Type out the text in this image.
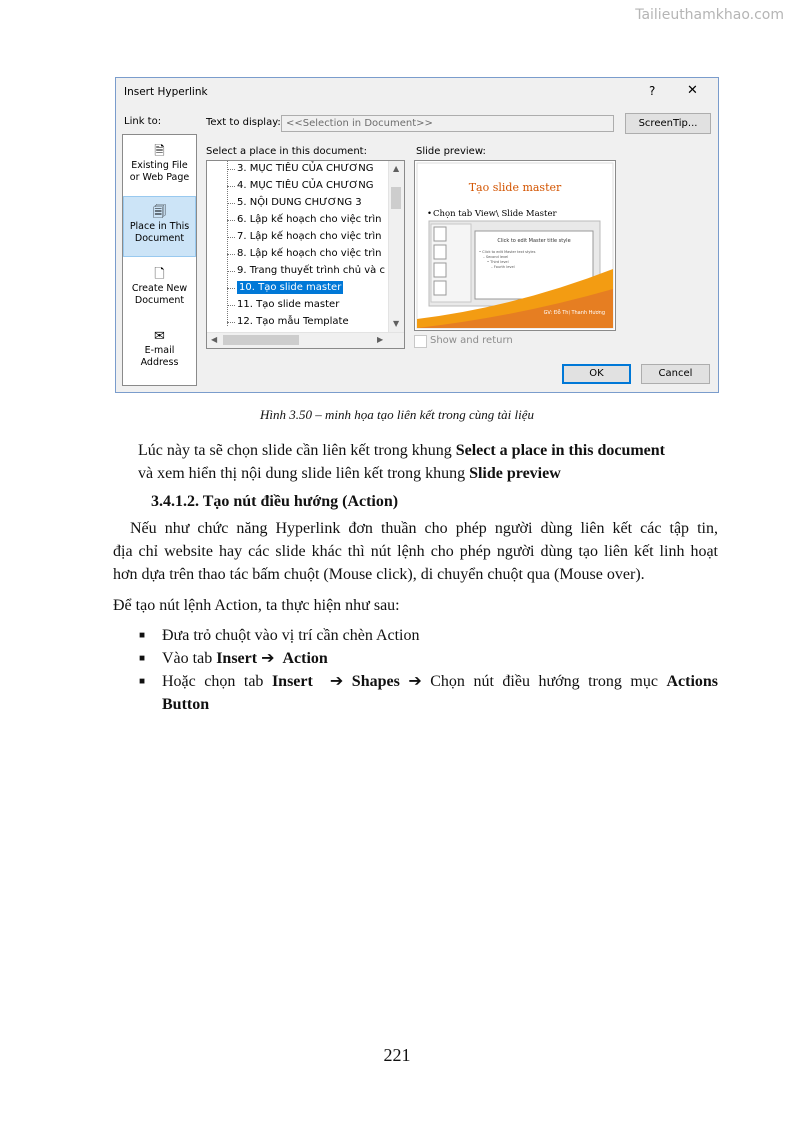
Tailieuthamkhao.com
Insert Hyperlink	? ✕
Link to:
🗎
Existing File
or Web Page
🗐
Place in This
Document
🗋
Create New
Document
✉
E-mail
Address
Text to display: <<Selection in Document>>	ScreenTip...
Select a place in this document:
3. MỤC TIÊU CỦA CHƯƠNG
4. MỤC TIÊU CỦA CHƯƠNG
5. NỘI DUNG CHƯƠNG 3
6. Lập kế hoạch cho việc trìn
7. Lập kế hoạch cho việc trìn
8. Lập kế hoạch cho việc trìn
9. Trang thuyết trình chủ và c
10. Tạo slide master
11. Tạo slide master
12. Tạo mẫu Template
▲
▼
◀	▶
Slide preview:
Tạo slide master
• Chọn tab View\ Slide Master
Click to edit Master title style
• Click to edit Master text styles
– Second level
• Third level
– Fourth level
GV: Đỗ Thị Thanh Hương
Show and return
OK	Cancel
Hình 3.50 – minh họa tạo liên kết trong cùng tài liệu
Lúc này ta sẽ chọn slide cần liên kết trong khung Select a place in this document
và xem hiển thị nội dung slide liên kết trong khung Slide preview
3.4.1.2. Tạo nút điều hướng (Action)
Nếu như chức năng Hyperlink đơn thuần cho phép người dùng liên kết các tập tin,
địa chỉ website hay các slide khác thì nút lệnh cho phép người dùng tạo liên kết linh hoạt
hơn dựa trên thao tác bấm chuột (Mouse click), di chuyển chuột qua (Mouse over).
Để tạo nút lệnh Action, ta thực hiện như sau:
■ Đưa trỏ chuột vào vị trí cần chèn Action
■ Vào tab Insert ➔ Action
■ Hoặc chọn tab Insert ➔ Shapes ➔ Chọn nút điều hướng trong mục Actions
Button
221
